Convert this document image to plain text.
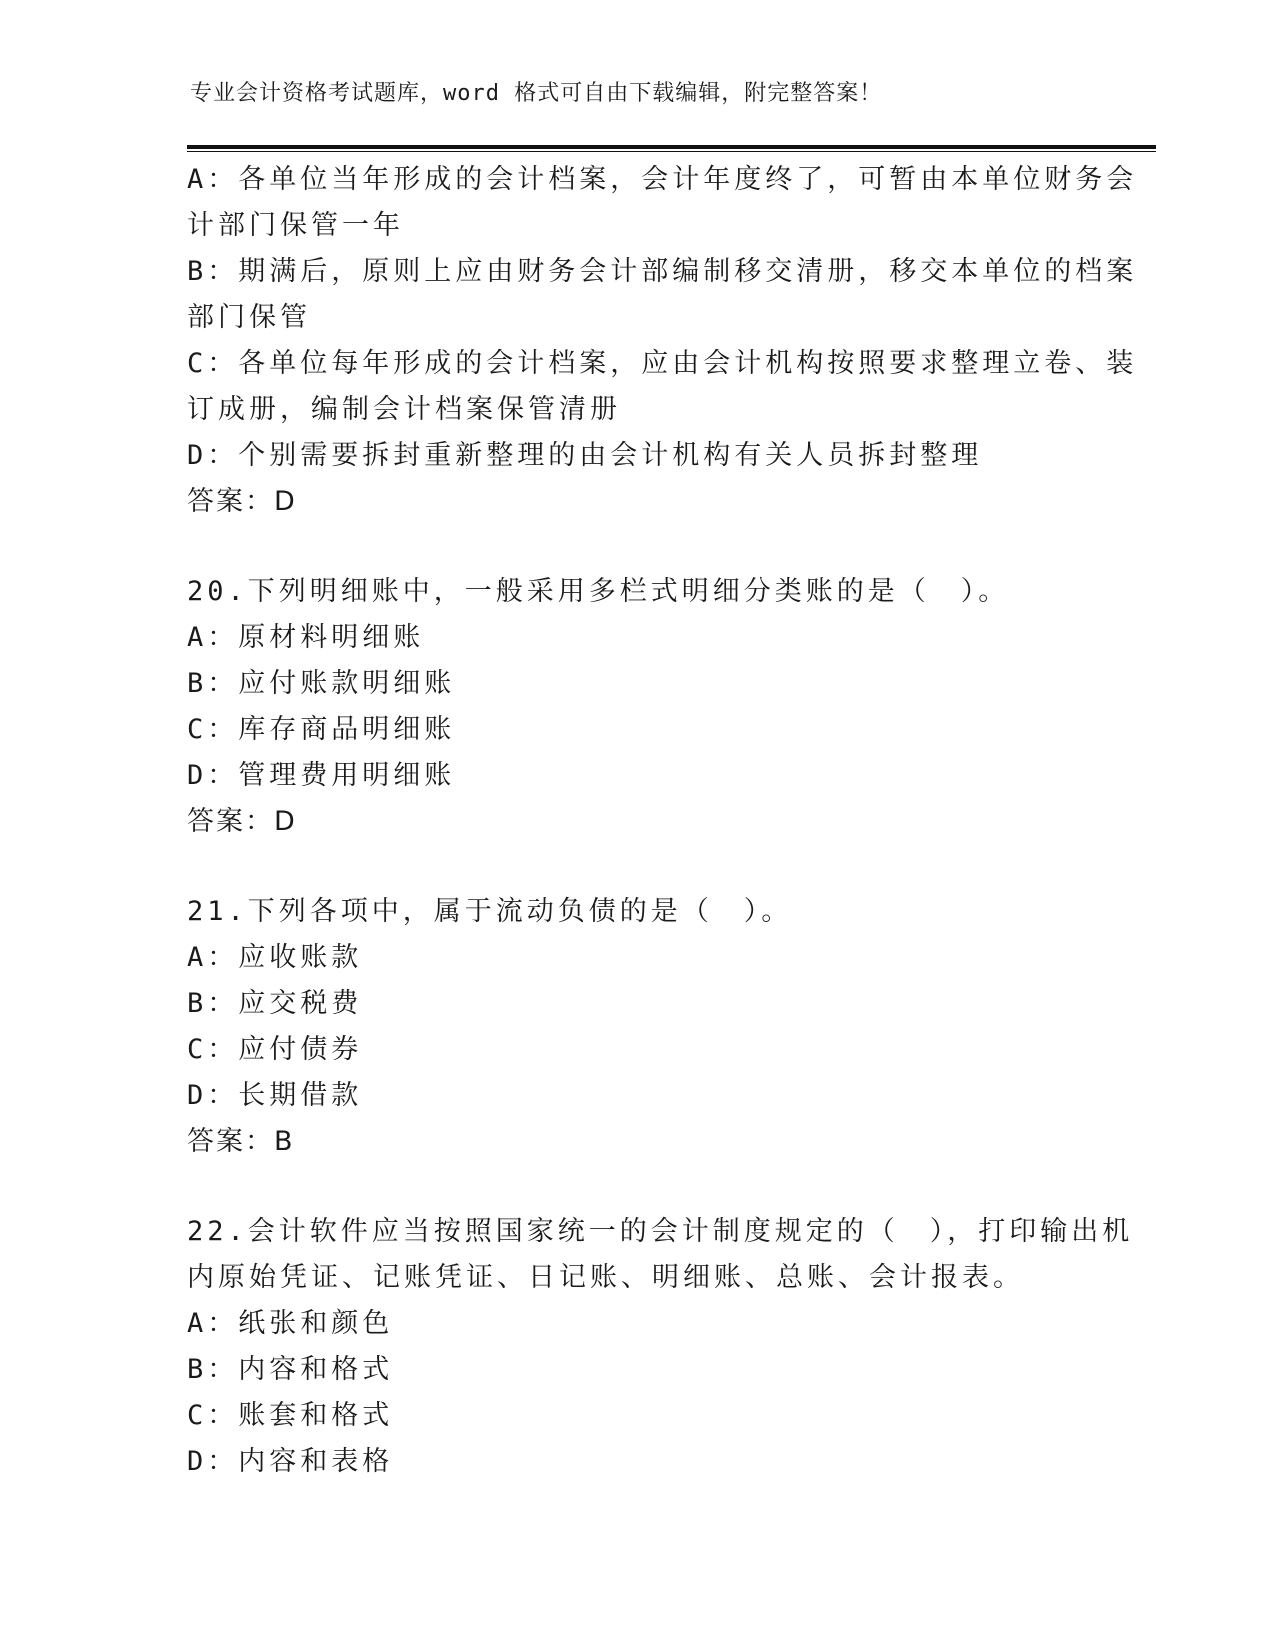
专业会计资格考试题库，word 格式可自由下载编辑，附完整答案！
A：各单位当年形成的会计档案，会计年度终了，可暂由本单位财务会
计部门保管一年
B：期满后，原则上应由财务会计部编制移交清册，移交本单位的档案
部门保管
C：各单位每年形成的会计档案，应由会计机构按照要求整理立卷、装
订成册，编制会计档案保管清册
D：个别需要拆封重新整理的由会计机构有关人员拆封整理
答案：D
20.下列明细账中，一般采用多栏式明细分类账的是（　）。
A：原材料明细账
B：应付账款明细账
C：库存商品明细账
D：管理费用明细账
答案：D
21.下列各项中，属于流动负债的是（　）。
A：应收账款
B：应交税费
C：应付债券
D：长期借款
答案：B
22.会计软件应当按照国家统一的会计制度规定的（　），打印输出机
内原始凭证、记账凭证、日记账、明细账、总账、会计报表。
A：纸张和颜色
B：内容和格式
C：账套和格式
D：内容和表格
